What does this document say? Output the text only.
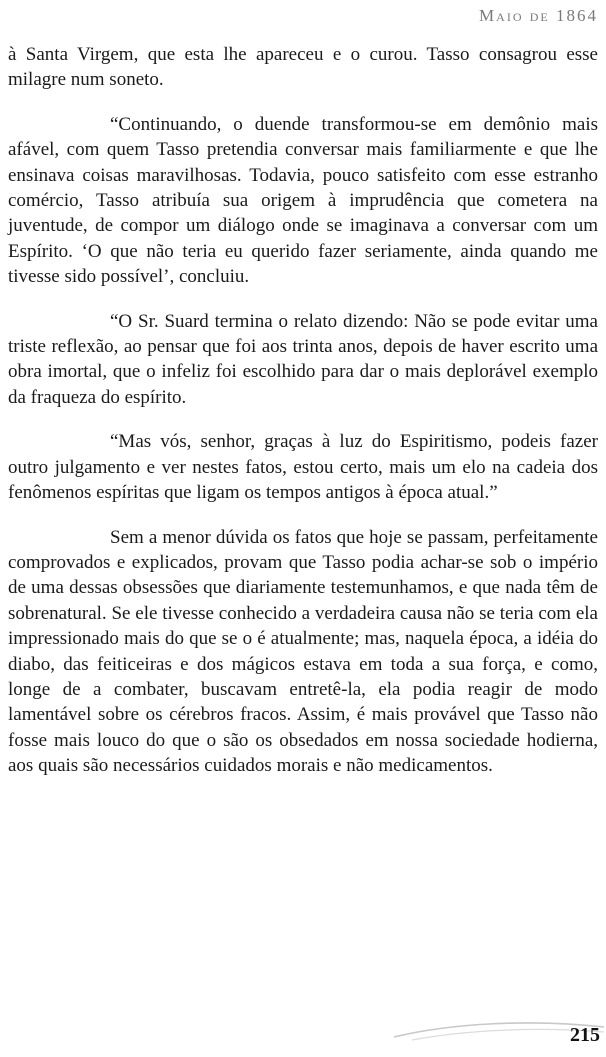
Maio de 1864

à Santa Virgem, que esta lhe apareceu e o curou. Tasso consagrou esse milagre num soneto.

“Continuando, o duende transformou-se em demônio mais afável, com quem Tasso pretendia conversar mais familiarmente e que lhe ensinava coisas maravilhosas. Todavia, pouco satisfeito com esse estranho comércio, Tasso atribuía sua origem à imprudência que cometera na juventude, de compor um diálogo onde se imaginava a conversar com um Espírito. ‘O que não teria eu querido fazer seriamente, ainda quando me tivesse sido possível’, concluiu.

“O Sr. Suard termina o relato dizendo: Não se pode evitar uma triste reflexão, ao pensar que foi aos trinta anos, depois de haver escrito uma obra imortal, que o infeliz foi escolhido para dar o mais deplorável exemplo da fraqueza do espírito.

“Mas vós, senhor, graças à luz do Espiritismo, podeis fazer outro julgamento e ver nestes fatos, estou certo, mais um elo na cadeia dos fenômenos espíritas que ligam os tempos antigos à época atual.”

Sem a menor dúvida os fatos que hoje se passam, perfeitamente comprovados e explicados, provam que Tasso podia achar-se sob o império de uma dessas obsessões que diariamente testemunhamos, e que nada têm de sobrenatural. Se ele tivesse conhecido a verdadeira causa não se teria com ela impressionado mais do que se o é atualmente; mas, naquela época, a idéia do diabo, das feiticeiras e dos mágicos estava em toda a sua força, e como, longe de a combater, buscavam entretê-la, ela podia reagir de modo lamentável sobre os cérebros fracos. Assim, é mais provável que Tasso não fosse mais louco do que o são os obsedados em nossa sociedade hodierna, aos quais são necessários cuidados morais e não medicamentos.

215
